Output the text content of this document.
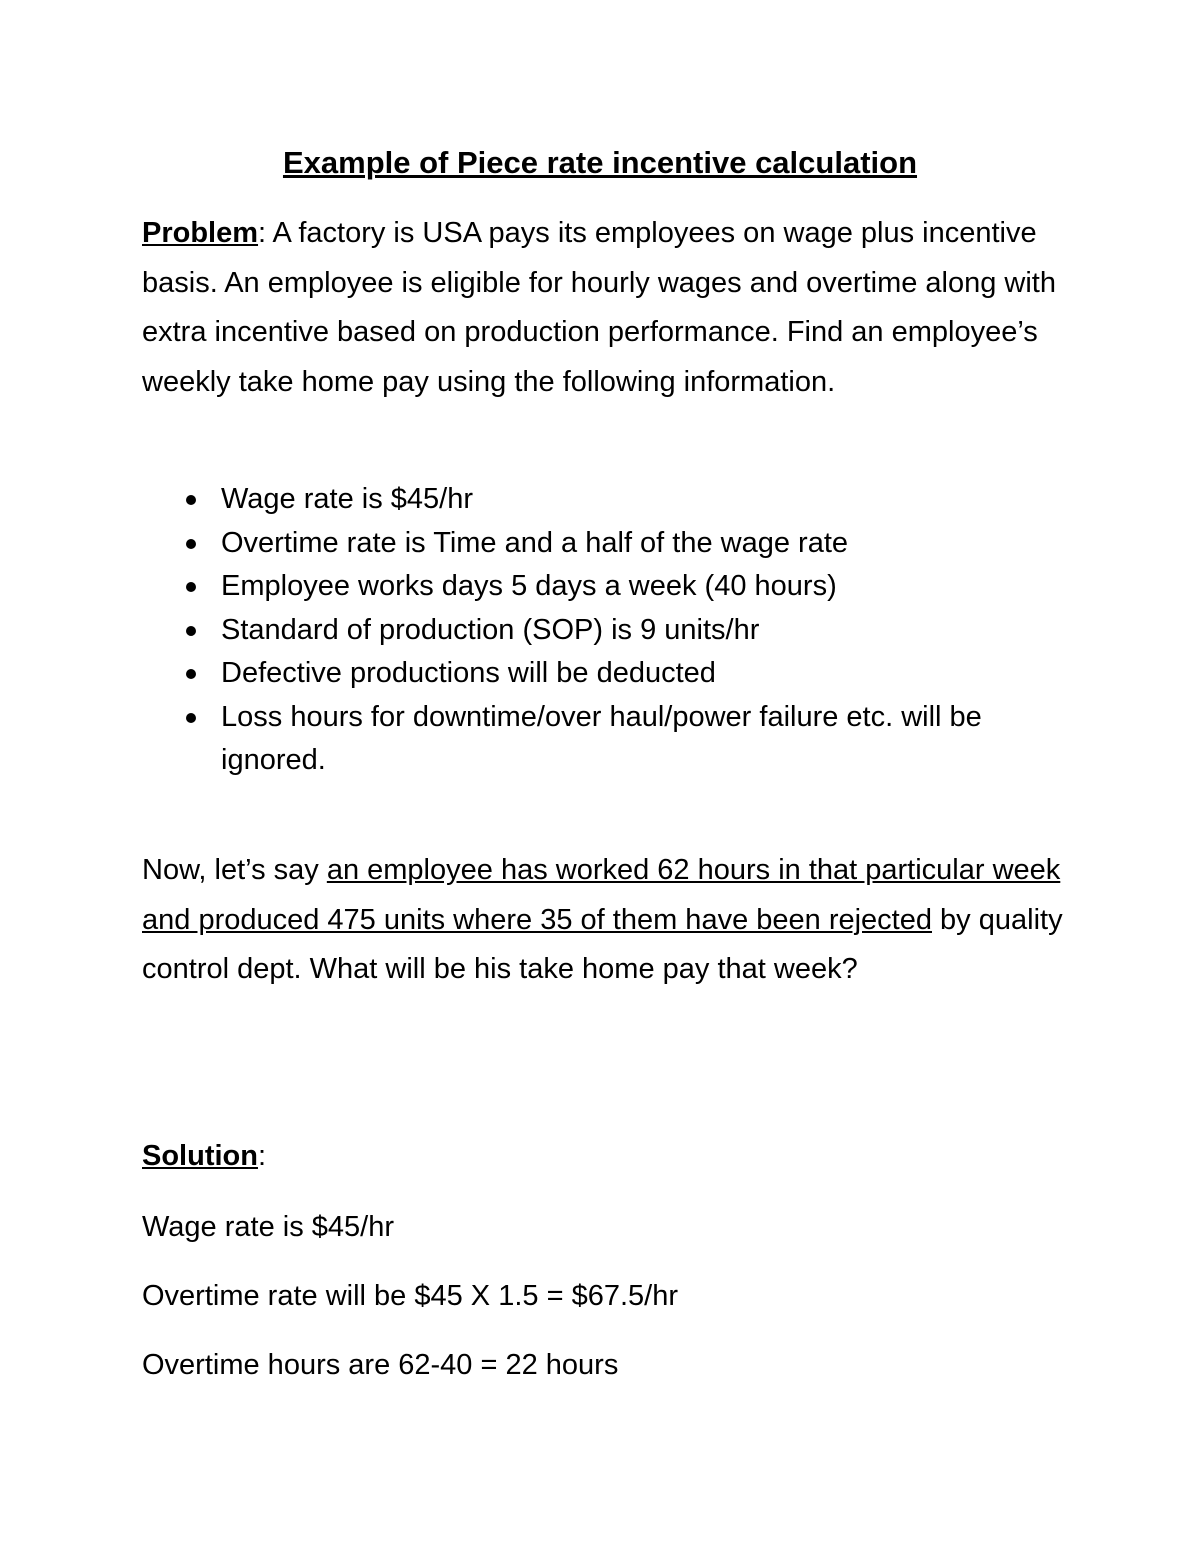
Example of Piece rate incentive calculation
Problem: A factory is USA pays its employees on wage plus incentive basis. An employee is eligible for hourly wages and overtime along with extra incentive based on production performance. Find an employee’s weekly take home pay using the following information.
Wage rate is $45/hr
Overtime rate is Time and a half of the wage rate
Employee works days 5 days a week (40 hours)
Standard of production (SOP) is 9 units/hr
Defective productions will be deducted
Loss hours for downtime/over haul/power failure etc. will be ignored.
Now, let’s say an employee has worked 62 hours in that particular week and produced 475 units where 35 of them have been rejected by quality control dept. What will be his take home pay that week?
Solution:
Wage rate is $45/hr
Overtime rate will be $45 X 1.5 = $67.5/hr
Overtime hours are 62-40 = 22 hours
